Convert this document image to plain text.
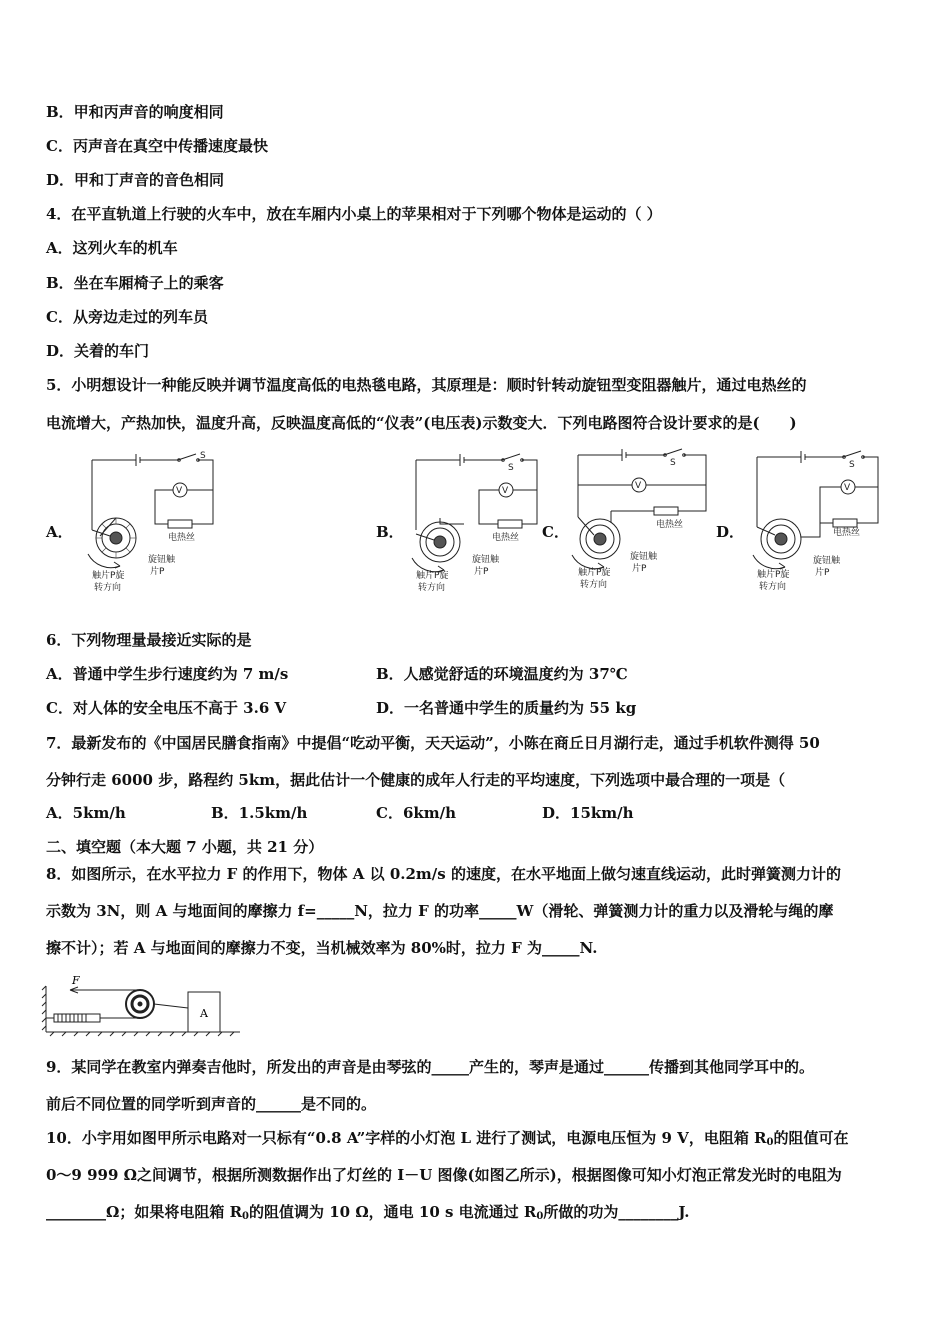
B．甲和丙声音的响度相同
C．丙声音在真空中传播速度最快
D．甲和丁声音的音色相同
4．在平直轨道上行驶的火车中，放在车厢内小桌上的苹果相对于下列哪个物体是运动的（ ）
A．这列火车的机车
B．坐在车厢椅子上的乘客
C．从旁边走过的列车员
D．关着的车门
5．小明想设计一种能反映并调节温度高低的电热毯电路，其原理是：顺时针转动旋钮型变阻器触片，通过电热丝的
电流增大，产热加快，温度升高，反映温度高低的“仪表”(电压表)示数变大．下列电路图符合设计要求的是(　　)
A．	B．	C．	D．
V
S
电热丝
旋钮触
片P
触片P旋
转方向
V
S
电热丝
旋钮触
片P
触片P旋
转方向
V
S
电热丝
旋钮触
片P
触片P旋
转方向
V
S
电热丝
旋钮触
片P
触片P旋
转方向
6．下列物理量最接近实际的是
A．普通中学生步行速度约为 7 m/s	B．人感觉舒适的环境温度约为 37℃
C．对人体的安全电压不高于 3.6 V	D．一名普通中学生的质量约为 55 kg
7．最新发布的《中国居民膳食指南》中提倡“吃动平衡，天天运动”，小陈在商丘日月湖行走，通过手机软件测得 50
分钟行走 6000 步，路程约 5km，据此估计一个健康的成年人行走的平均速度，下列选项中最合理的一项是（
A．5km/h	B．1.5km/h	C．6km/h	D．15km/h
二、填空题（本大题 7 小题，共 21 分）
8．如图所示，在水平拉力 F 的作用下，物体 A 以 0.2m/s 的速度，在水平地面上做匀速直线运动，此时弹簧测力计的
示数为 3N，则 A 与地面间的摩擦力 f=_____N，拉力 F 的功率_____W（滑轮、弹簧测力计的重力以及滑轮与绳的摩
擦不计）；若 A 与地面间的摩擦力不变，当机械效率为 80%时，拉力 F 为_____N.
F
A
9．某同学在教室内弹奏吉他时，所发出的声音是由琴弦的_____产生的，琴声是通过______传播到其他同学耳中的。
前后不同位置的同学听到声音的______是不同的。
10．小宇用如图甲所示电路对一只标有“0.8 A”字样的小灯泡 L 进行了测试，电源电压恒为 9 V，电阻箱 $R_0$的阻值可在
0～9 999 Ω之间调节，根据所测数据作出了灯丝的 I－U 图像(如图乙所示)，根据图像可知小灯泡正常发光时的电阻为
________Ω；如果将电阻箱 $R_0$的阻值调为 10 Ω，通电 10 s 电流通过 $R_0$所做的功为________J.
